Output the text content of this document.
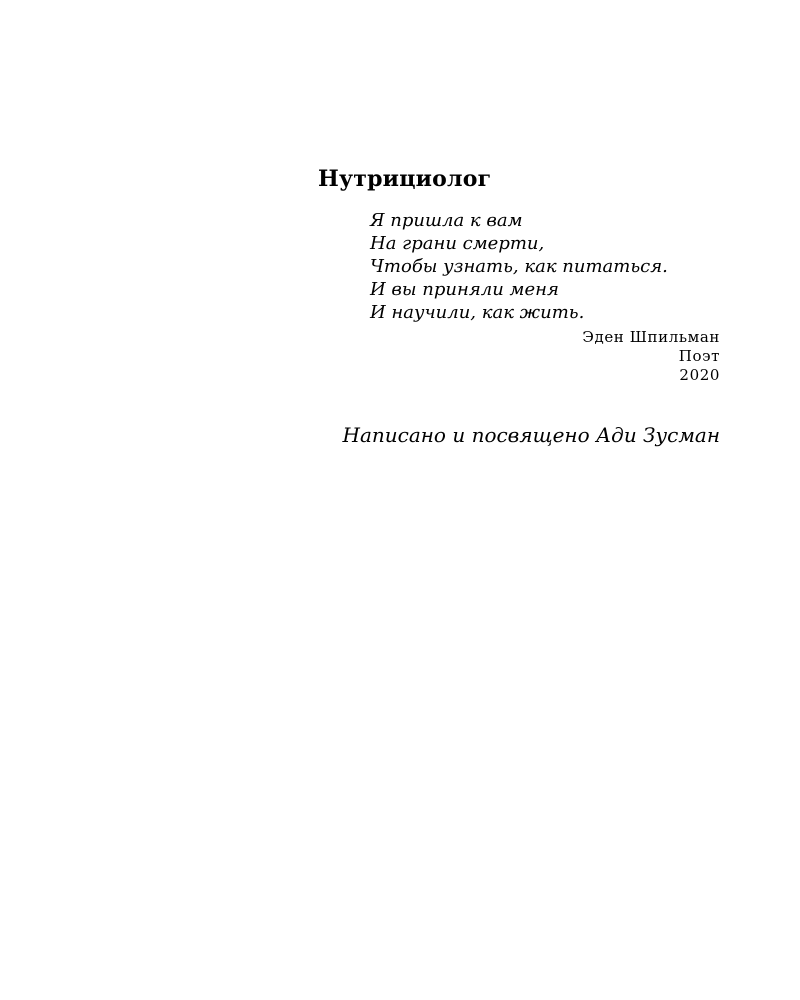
Нутрициолог
Я пришла к вам
На грани смерти,
Чтобы узнать, как питаться.
И вы приняли меня
И научили, как жить.
Эден Шпильман
Поэт
2020

Написано и посвящено Ади Зусман
